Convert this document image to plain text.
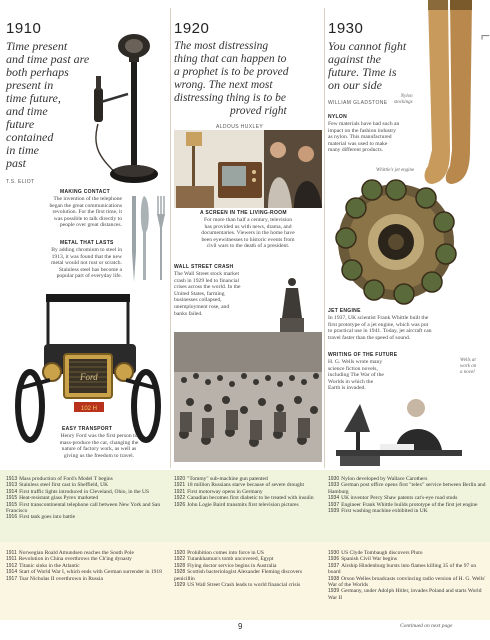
⌐
1910
Time present
and time past are
both perhaps
present in
time future,
and time
future
contained
in time
past
T.S. ELIOT
MAKING CONTACT
The invention of the telephone
began the great communications
revolution. For the first time, it
was possible to talk directly to
people over great distances.
METAL THAT LASTS
By adding chromium to steel in
1913, it was found that the new
metal would not rust or scratch.
Stainless steel has become a
popular part of everyday life.
Ford
102 H
EASY TRANSPORT
Henry Ford was the first person to
mass-produce the car, changing the
nature of factory work, as well as
giving us the freedom to travel.
1920
The most distressing
thing that can happen to
a prophet is to be proved
wrong. The next most
distressing thing is to be
proved right
ALDOUS HUXLEY
A SCREEN IN THE LIVING-ROOM
For more than half a century, television
has provided us with news, drama, and
documentaries. Viewers in the home have
been eyewitnesses to historic events from
civil wars to the death of a president.
WALL STREET CRASH
The Wall Street stock market
crash in 1929 led to financial
crises across the world. In the
United States, farming
businesses collapsed,
unemployment rose, and
banks failed.
1930
You cannot fight
against the
future. Time is
on our side
WILLIAM GLADSTONE
Nylon
stockings
NYLON
Few materials have had such an
impact on the fashion industry
as nylon. This manufactured
material was used to make
many different products.
Whittle's jet engine
JET ENGINE
In 1937, UK scientist Frank Whittle built the
first prototype of a jet engine, which was put
to practical use in 1941. Today, jet aircraft can
travel faster than the speed of sound.
WRITING OF THE FUTURE
H. G. Wells wrote many
science fiction novels,
including The War of the
Worlds in which the
Earth is invaded.
Wells at
work on
a novel
1913 Mass production of Ford's Model T begins
1913 Stainless steel first cast in Sheffield, UK
1914 First traffic lights introduced in Cleveland, Ohio, in the US
1915 Heat-resistant glass Pyrex marketed
1915 First transcontinental telephone call between New York and San Francisco
1916 First tank goes into battle
1920 "Tommy" sub-machine gun patented
1921 18 million Russians starve because of severe drought
1921 First motorway opens in Germany
1922 Canadian becomes first diabetic to be treated with insulin
1926 John Logie Baird transmits first television pictures
1930 Nylon developed by Wallace Carothers
1933 German post office opens first "telex" service between Berlin and Hamburg
1934 UK inventor Percy Shaw patents cat's-eye road studs
1937 Engineer Frank Whittle builds prototype of the first jet engine
1939 First washing machine exhibited in UK
1911 Norwegian Roald Amundsen reaches the South Pole
1911 Revolution in China overthrows the Ch'ing dynasty
1912 Titanic sinks in the Atlantic
1914 Start of World War I, which ends with German surrender in 1918
1917 Tsar Nicholas II overthrown in Russia
1920 Prohibition comes into force in US
1922 Tutankhamun's tomb uncovered, Egypt
1928 Flying doctor service begins in Australia
1928 Scottish bacteriologist Alexander Fleming discovers penicillin
1929 US Wall Street Crash leads to world financial crisis
1930 US Clyde Tombaugh discovers Pluto
1936 Spanish Civil War begins
1937 Airship Hindenburg bursts into flames killing 35 of the 97 on board
1938 Orson Welles broadcasts convincing radio version of H. G. Wells' War of the Worlds
1939 Germany, under Adolph Hitler, invades Poland and starts World War II
9	Continued on next page
